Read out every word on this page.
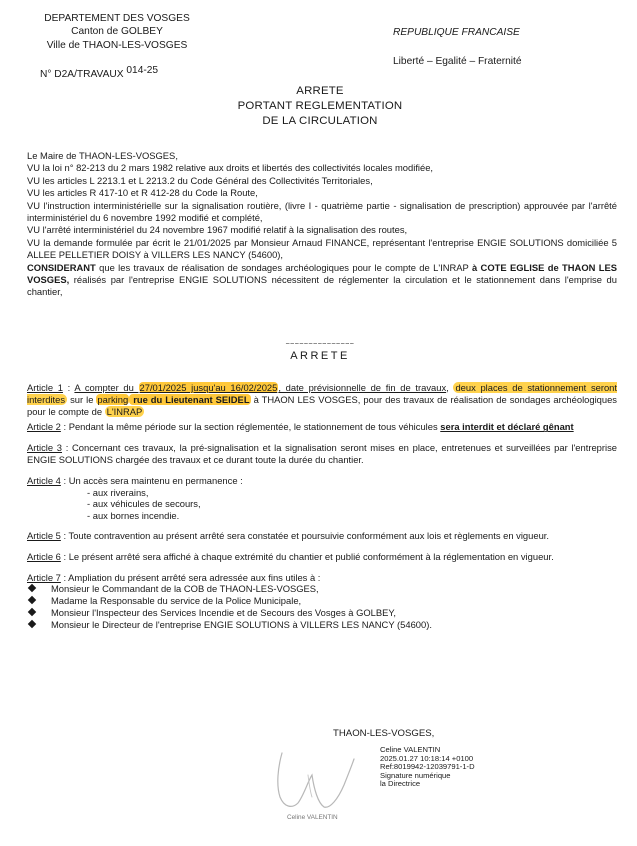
DEPARTEMENT DES VOSGES
Canton de GOLBEY
Ville de THAON-LES-VOSGES
N° D2A/TRAVAUX 014-25
REPUBLIQUE FRANCAISE
Liberté – Egalité – Fraternité
ARRETE
PORTANT REGLEMENTATION
DE LA CIRCULATION

Le Maire de THAON-LES-VOSGES,

VU la loi n° 82-213 du 2 mars 1982 relative aux droits et libertés des collectivités locales modifiée,

VU les articles L 2213.1 et L 2213.2 du Code Général des Collectivités Territoriales,

VU les articles R 417-10 et R 412-28 du Code la Route,

VU l'instruction interministérielle sur la signalisation routière, (livre I - quatrième partie - signalisation de prescription) approuvée par l'arrêté interministériel du 6 novembre 1992 modifié et complété,

VU l'arrêté interministériel du 24 novembre 1967 modifié relatif à la signalisation des routes,

VU la demande formulée par écrit le 21/01/2025 par Monsieur Arnaud FINANCE, représentant l'entreprise ENGIE SOLUTIONS domiciliée 5 ALLEE PELLETIER DOISY à VILLERS LES NANCY (54600),

CONSIDERANT que les travaux de réalisation de sondages archéologiques pour le compte de L'INRAP à COTE EGLISE de THAON LES VOSGES, réalisés par l'entreprise ENGIE SOLUTIONS nécessitent de réglementer la circulation et le stationnement dans l'emprise du chantier,

~~~~~~~~~~~~~~~
ARRETE

Article 1 : A compter du 27/01/2025 jusqu'au 16/02/2025, date prévisionnelle de fin de travaux, deux places de stationnement seront interdites sur le parking rue du Lieutenant SEIDEL à THAON LES VOSGES, pour des travaux de réalisation de sondages archéologiques pour le compte de L'INRAP

Article 2 : Pendant la même période sur la section réglementée, le stationnement de tous véhicules sera interdit et déclaré gênant

Article 3 : Concernant ces travaux, la pré-signalisation et la signalisation seront mises en place, entretenues et surveillées par l'entreprise ENGIE SOLUTIONS chargée des travaux et ce durant toute la durée du chantier.

Article 4 : Un accès sera maintenu en permanence :

- aux riverains,
- aux véhicules de secours,
- aux bornes incendie.

Article 5 : Toute contravention au présent arrêté sera constatée et poursuivie conformément aux lois et règlements en vigueur.

Article 6 : Le présent arrêté sera affiché à chaque extrémité du chantier et publié conformément à la réglementation en vigueur.

Article 7 : Ampliation du présent arrêté sera adressée aux fins utiles à :

Monsieur le Commandant de la COB de THAON-LES-VOSGES,
Madame la Responsable du service de la Police Municipale,
Monsieur l'Inspecteur des Services Incendie et de Secours des Vosges à GOLBEY,
Monsieur le Directeur de l'entreprise ENGIE SOLUTIONS à VILLERS LES NANCY (54600).
THAON-LES-VOSGES,
Celine VALENTIN
2025.01.27 10:18:14 +0100
Ref:8019942-12039791-1-D
Signature numérique
la Directrice
Celine VALENTIN
